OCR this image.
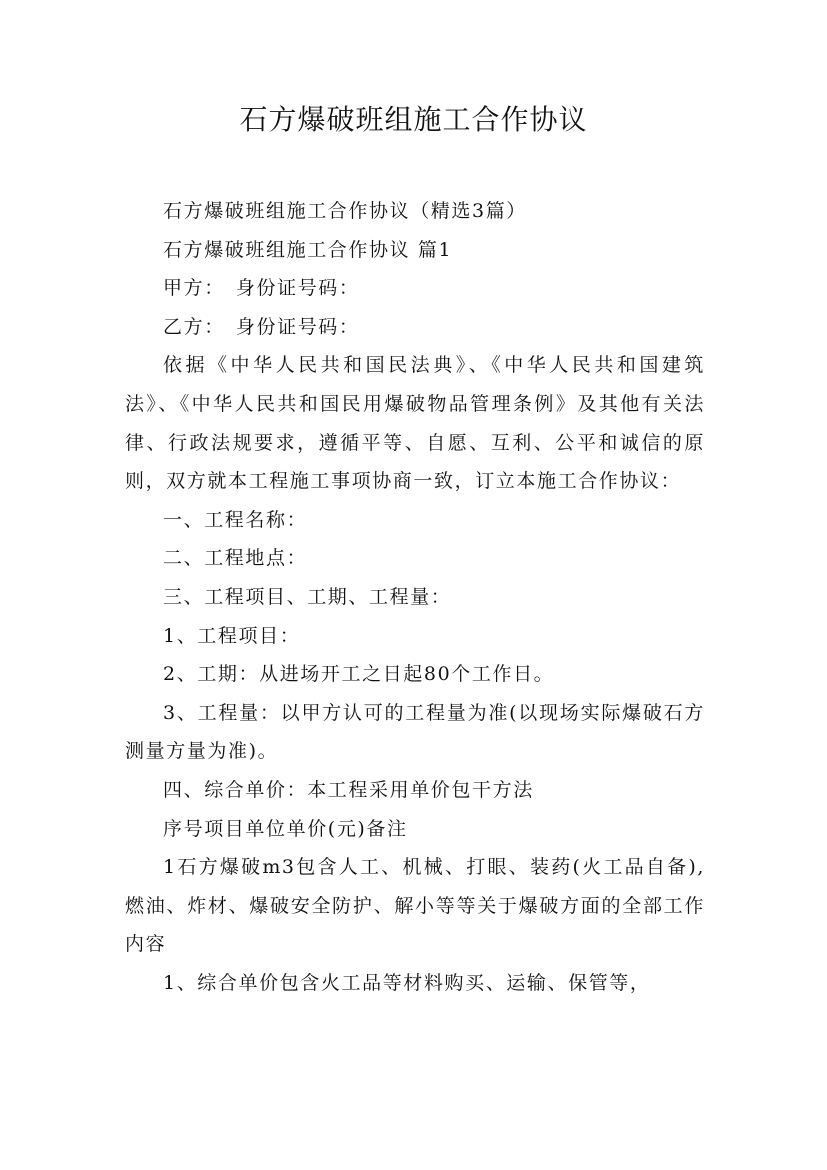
石方爆破班组施工合作协议

石方爆破班组施工合作协议（精选3篇）

石方爆破班组施工合作协议 篇1

甲方：　身份证号码：

乙方：　身份证号码：

依据《中华人民共和国民法典》、《中华人民共和国建筑法》、《中华人民共和国民用爆破物品管理条例》及其他有关法律、行政法规要求，遵循平等、自愿、互利、公平和诚信的原则，双方就本工程施工事项协商一致，订立本施工合作协议：

一、工程名称：

二、工程地点：

三、工程项目、工期、工程量：

1、工程项目：

2、工期：从进场开工之日起80个工作日。

3、工程量：以甲方认可的工程量为准(以现场实际爆破石方测量方量为准)。

四、综合单价：本工程采用单价包干方法

序号项目单位单价(元)备注

1石方爆破m3包含人工、机械、打眼、装药(火工品自备),燃油、炸材、爆破安全防护、解小等等关于爆破方面的全部工作内容

1、综合单价包含火工品等材料购买、运输、保管等，
